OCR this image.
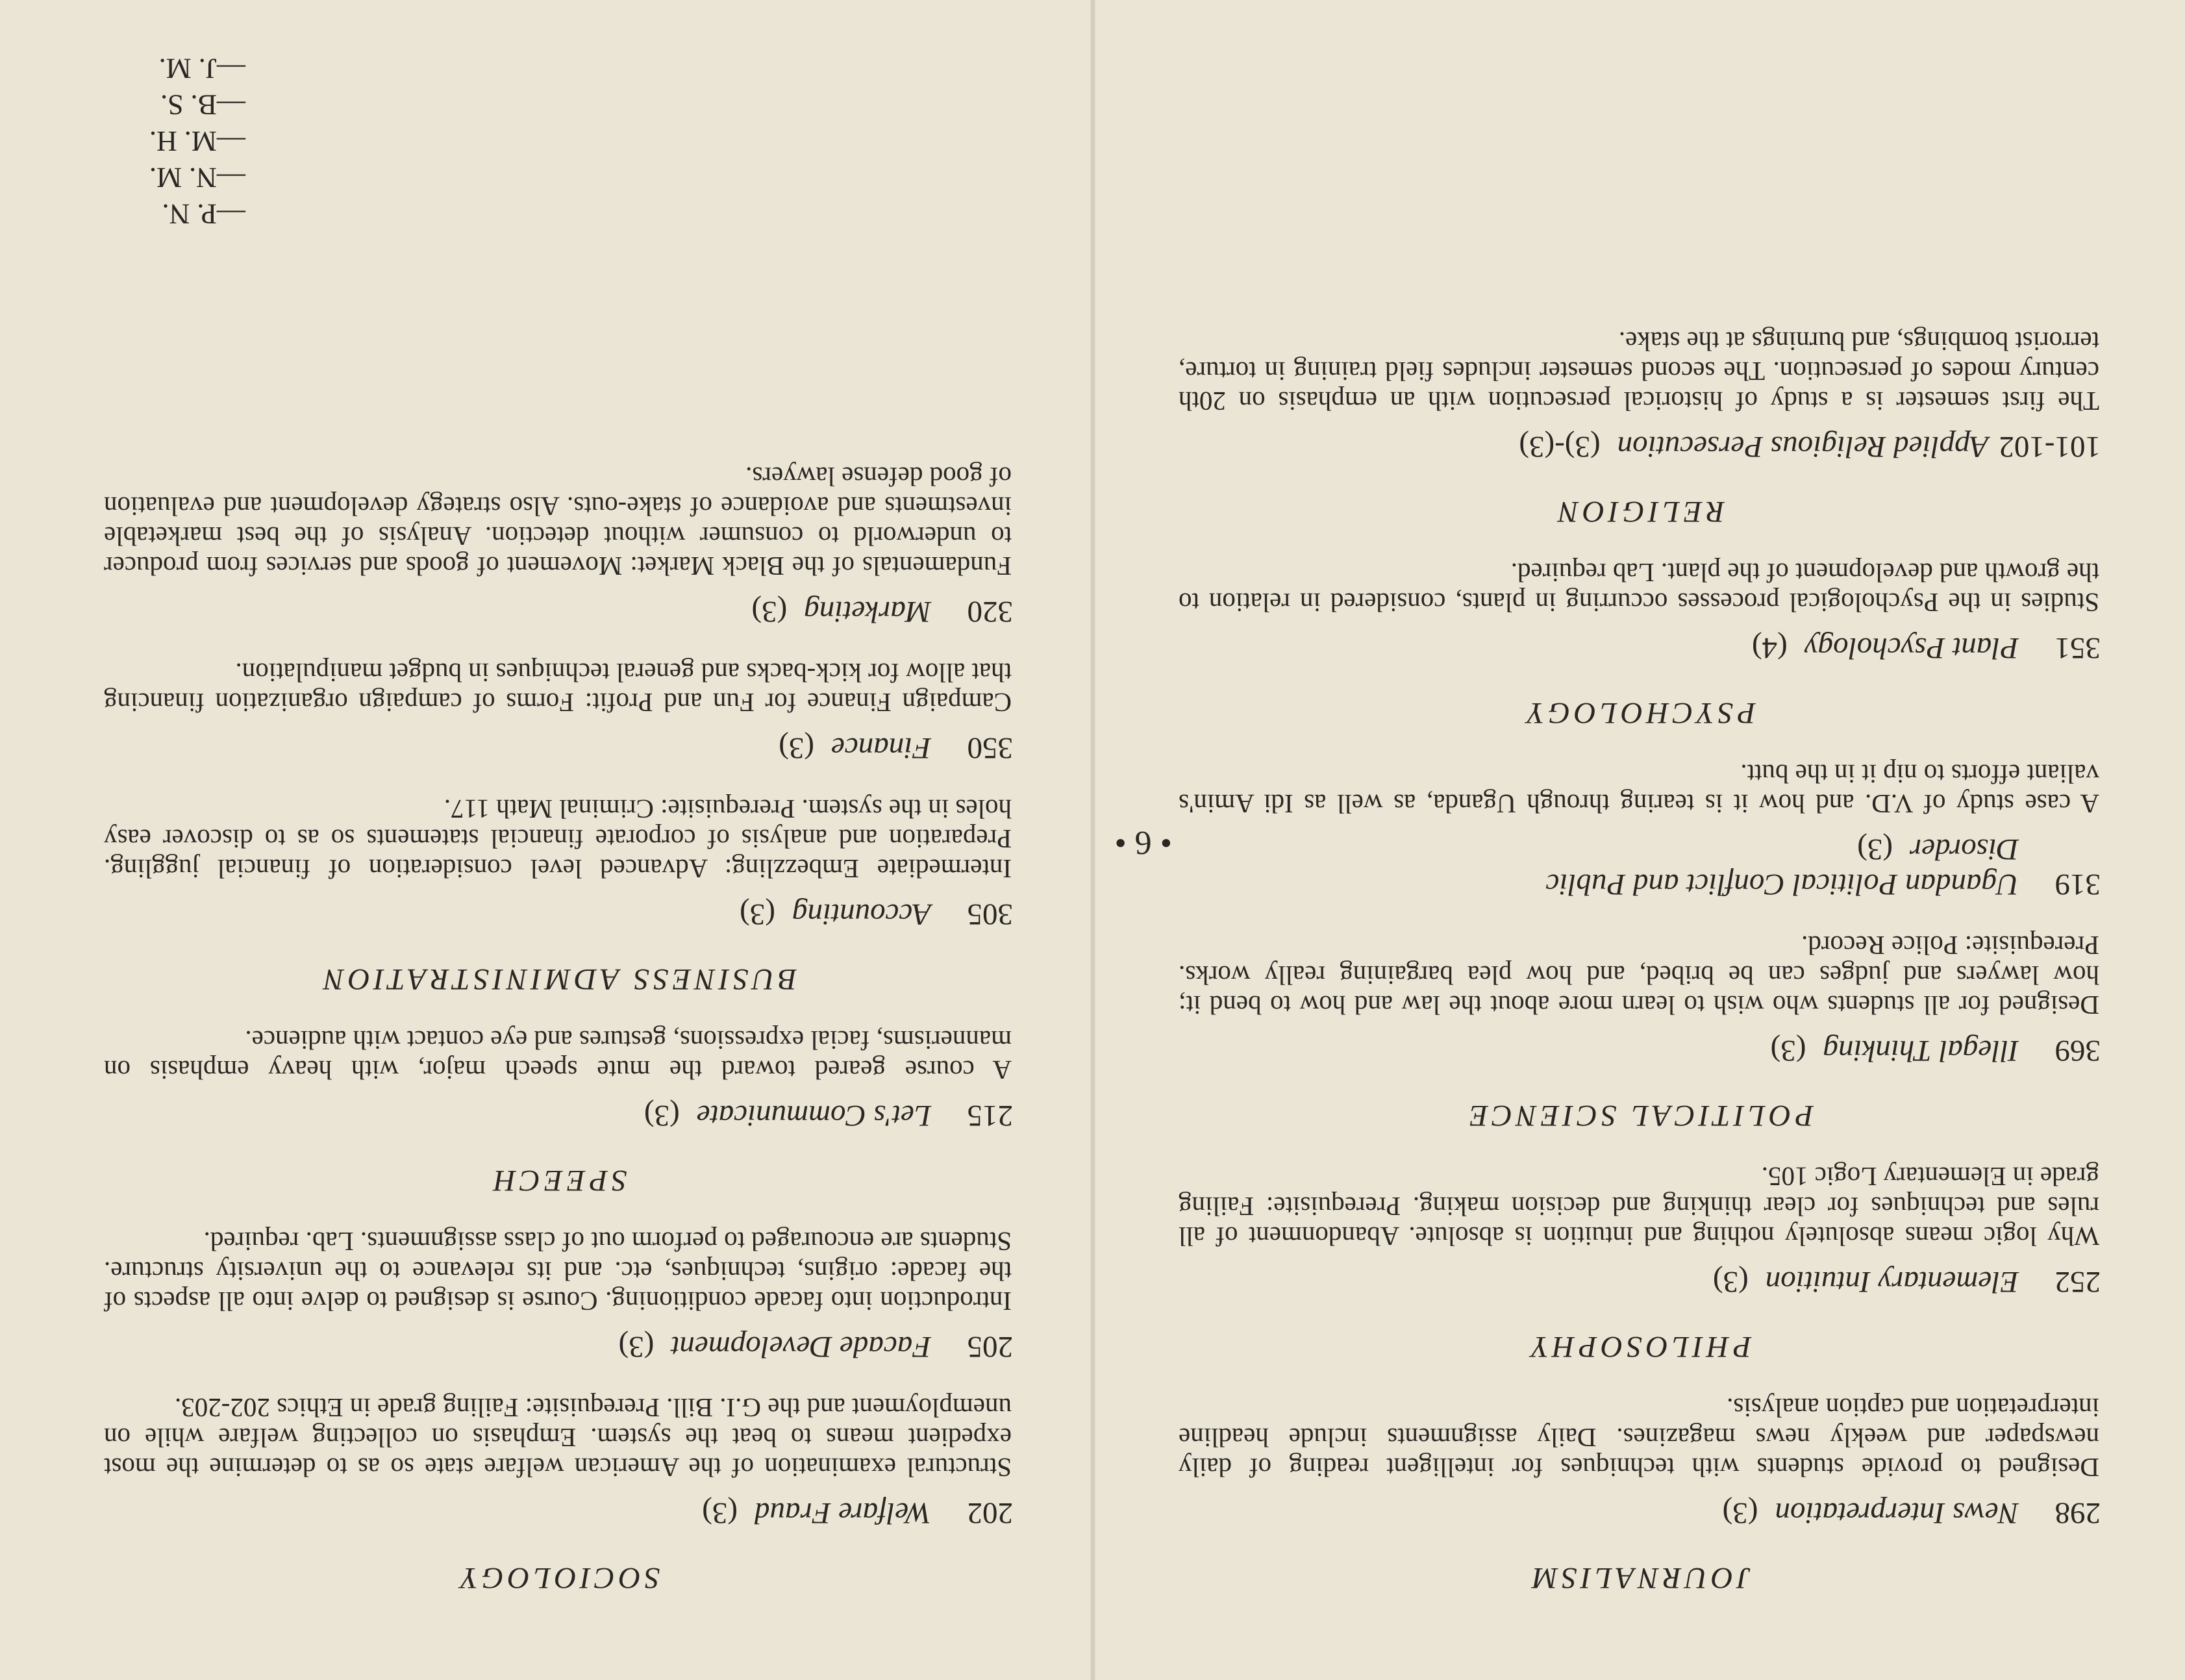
JOURNALISM
298News Interpretation(3)

Designed to provide students with techniques for intelligent reading of daily newspaper and weekly news magazines. Daily assignments include headline interpretation and caption analysis.

PHILOSOPHY
252Elementary Intuition(3)

Why logic means absolutely nothing and intuition is absolute. Abandonment of all rules and techniques for clear thinking and decision making. Prerequisite: Failing grade in Elementary Logic 105.

POLITICAL SCIENCE
369Illegal Thinking(3)

Designed for all students who wish to learn more about the law and how to bend it; how lawyers and judges can be bribed, and how plea bargaining really works. Prerequisite: Police Record.

319Ugandan Political Conflict and Public
Disorder(3)

A case study of V.D. and how it is tearing through Uganda, as well as Idi Amin's valiant efforts to nip it in the butt.

PSYCHOLOGY
351Plant Psychology(4)

Studies in the Psychological processes occurring in plants, considered in relation to the growth and development of the plant. Lab required.

RELIGION
101-102Applied Religious Persecution(3)-(3)

The first semester is a study of historical persecution with an emphasis on 20th century modes of persecution. The second semester includes field training in torture, terrorist bombings, and burnings at the stake.

• 6 •
SOCIOLOGY
202Welfare Fraud(3)

Structural examination of the American welfare state so as to determine the most expedient means to beat the system. Emphasis on collecting welfare while on unemployment and the G.I. Bill. Prerequisite: Failing grade in Ethics 202-203.

205Facade Development(3)

Introduction into facade conditioning. Course is designed to delve into all aspects of the facade: origins, techniques, etc. and its relevance to the university structure. Students are encouraged to perform out of class assignments. Lab. required.

SPEECH
215Let's Communicate(3)

A course geared toward the mute speech major, with heavy emphasis on mannerisms, facial expressions, gestures and eye contact with audience.

BUSINESS ADMINISTRATION
305Accounting(3)

Intermediate Embezzling: Advanced level consideration of financial juggling. Preparation and analysis of corporate financial statements so as to discover easy holes in the system. Prerequisite: Criminal Math 117.

350Finance(3)

Campaign Finance for Fun and Profit: Forms of campaign organization financing that allow for kick-backs and general techniques in budget manipulation.

320Marketing(3)

Fundamentals of the Black Market: Movement of goods and services from producer to underworld to consumer without detection. Analysis of the best marketable investments and avoidance of stake-outs. Also strategy development and evaluation of good defense lawyers.

—P. N.
—N. M.
—M. H.
—B. S.
—J. M.
